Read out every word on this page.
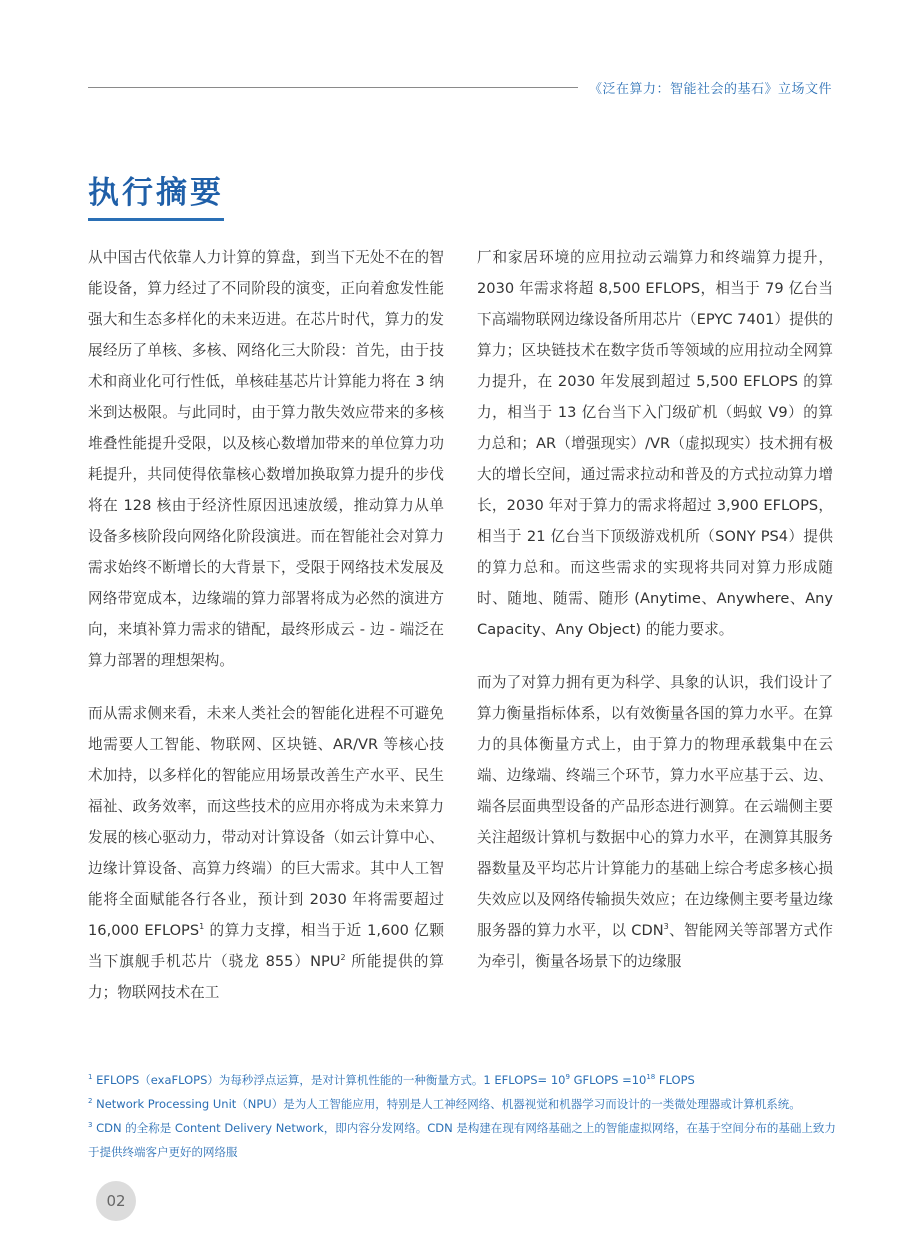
《泛在算力：智能社会的基石》立场文件
执行摘要

从中国古代依靠人力计算的算盘，到当下无处不在的智能设备，算力经过了不同阶段的演变，正向着愈发性能强大和生态多样化的未来迈进。在芯片时代，算力的发展经历了单核、多核、网络化三大阶段：首先，由于技术和商业化可行性低，单核硅基芯片计算能力将在 3 纳米到达极限。与此同时，由于算力散失效应带来的多核堆叠性能提升受限，以及核心数增加带来的单位算力功耗提升，共同使得依靠核心数增加换取算力提升的步伐将在 128 核由于经济性原因迅速放缓，推动算力从单设备多核阶段向网络化阶段演进。而在智能社会对算力需求始终不断增长的大背景下，受限于网络技术发展及网络带宽成本，边缘端的算力部署将成为必然的演进方向，来填补算力需求的错配，最终形成云 - 边 - 端泛在算力部署的理想架构。

而从需求侧来看，未来人类社会的智能化进程不可避免地需要人工智能、物联网、区块链、AR/VR 等核心技术加持，以多样化的智能应用场景改善生产水平、民生福祉、政务效率，而这些技术的应用亦将成为未来算力发展的核心驱动力，带动对计算设备（如云计算中心、边缘计算设备、高算力终端）的巨大需求。其中人工智能将全面赋能各行各业，预计到 2030 年将需要超过 16,000 EFLOPS$^1$ 的算力支撑，相当于近 1,600 亿颗当下旗舰手机芯片（骁龙 855）NPU$^2$ 所能提供的算力；物联网技术在工

厂和家居环境的应用拉动云端算力和终端算力提升，2030 年需求将超 8,500 EFLOPS，相当于 79 亿台当下高端物联网边缘设备所用芯片（EPYC 7401）提供的算力；区块链技术在数字货币等领域的应用拉动全网算力提升，在 2030 年发展到超过 5,500 EFLOPS 的算力，相当于 13 亿台当下入门级矿机（蚂蚁 V9）的算力总和；AR（增强现实）/VR（虚拟现实）技术拥有极大的增长空间，通过需求拉动和普及的方式拉动算力增长，2030 年对于算力的需求将超过 3,900 EFLOPS，相当于 21 亿台当下顶级游戏机所（SONY PS4）提供的算力总和。而这些需求的实现将共同对算力形成随时、随地、随需、随形 (Anytime、Anywhere、Any Capacity、Any Object) 的能力要求。

而为了对算力拥有更为科学、具象的认识，我们设计了算力衡量指标体系，以有效衡量各国的算力水平。在算力的具体衡量方式上，由于算力的物理承载集中在云端、边缘端、终端三个环节，算力水平应基于云、边、端各层面典型设备的产品形态进行测算。在云端侧主要关注超级计算机与数据中心的算力水平，在测算其服务器数量及平均芯片计算能力的基础上综合考虑多核心损失效应以及网络传输损失效应；在边缘侧主要考量边缘服务器的算力水平，以 CDN$^3$、智能网关等部署方式作为牵引，衡量各场景下的边缘服

$^1$ EFLOPS（exaFLOPS）为每秒浮点运算，是对计算机性能的一种衡量方式。1 EFLOPS= $10^9$ GFLOPS $=10^{18}$ FLOPS

$^2$ Network Processing Unit（NPU）是为人工智能应用，特别是人工神经网络、机器视觉和机器学习而设计的一类微处理器或计算机系统。

$^3$ CDN 的全称是 Content Delivery Network，即内容分发网络。CDN 是构建在现有网络基础之上的智能虚拟网络，在基于空间分布的基础上致力于提供终端客户更好的网络服

02
